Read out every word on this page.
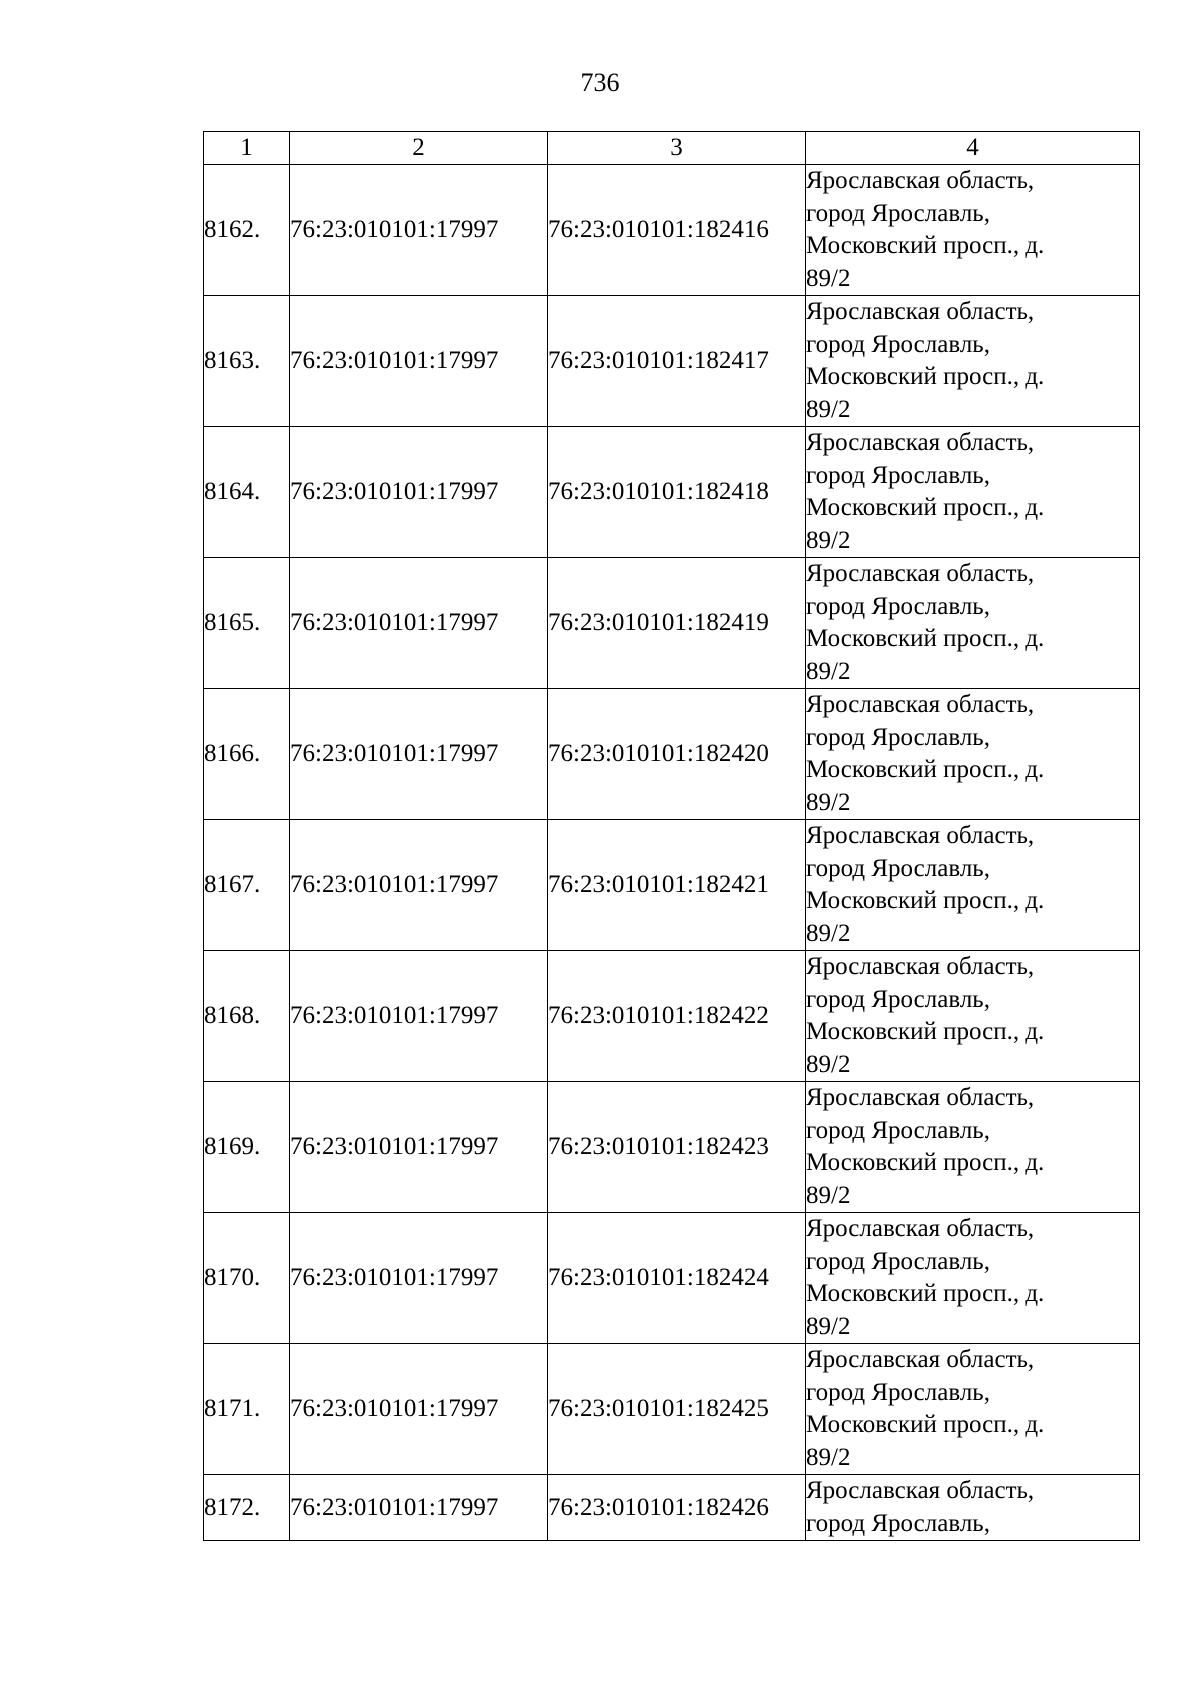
736
1	2	3	4
8162.	76:23:010101:17997	76:23:010101:182416	Ярославская область,
город Ярославль,
Московский просп., д.
89/2

8163.	76:23:010101:17997	76:23:010101:182417	Ярославская область,
город Ярославль,
Московский просп., д.
89/2

8164.	76:23:010101:17997	76:23:010101:182418	Ярославская область,
город Ярославль,
Московский просп., д.
89/2

8165.	76:23:010101:17997	76:23:010101:182419	Ярославская область,
город Ярославль,
Московский просп., д.
89/2

8166.	76:23:010101:17997	76:23:010101:182420	Ярославская область,
город Ярославль,
Московский просп., д.
89/2

8167.	76:23:010101:17997	76:23:010101:182421	Ярославская область,
город Ярославль,
Московский просп., д.
89/2

8168.	76:23:010101:17997	76:23:010101:182422	Ярославская область,
город Ярославль,
Московский просп., д.
89/2

8169.	76:23:010101:17997	76:23:010101:182423	Ярославская область,
город Ярославль,
Московский просп., д.
89/2

8170.	76:23:010101:17997	76:23:010101:182424	Ярославская область,
город Ярославль,
Московский просп., д.
89/2

8171.	76:23:010101:17997	76:23:010101:182425	Ярославская область,
город Ярославль,
Московский просп., д.
89/2

8172.	76:23:010101:17997	76:23:010101:182426	Ярославская область,
город Ярославль,
